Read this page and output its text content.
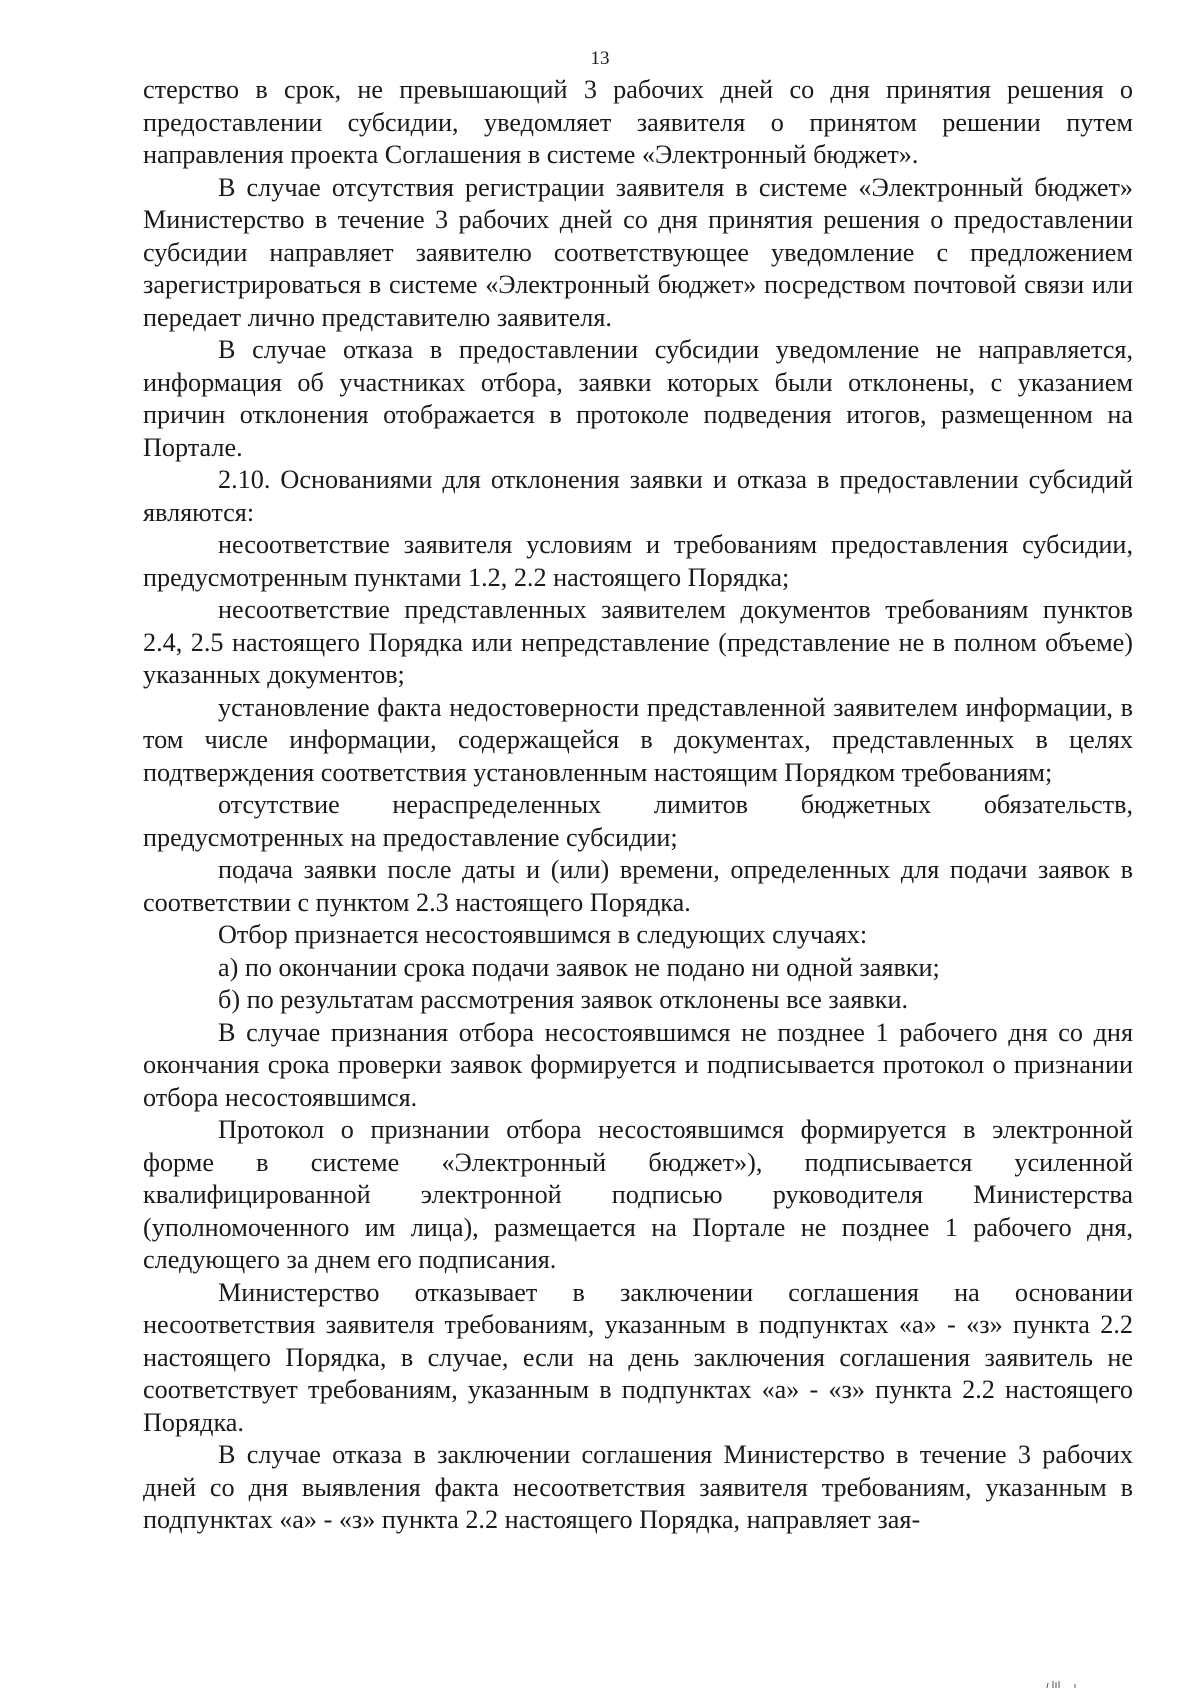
13

стерство в срок, не превышающий 3 рабочих дней со дня принятия решения о предоставлении субсидии, уведомляет заявителя о принятом решении путем направления проекта Соглашения в системе «Электронный бюджет».

В случае отсутствия регистрации заявителя в системе «Электронный бюджет» Министерство в течение 3 рабочих дней со дня принятия решения о предоставлении субсидии направляет заявителю соответствующее уведомление с предложением зарегистрироваться в системе «Электронный бюджет» посредством почтовой связи или передает лично представителю заявителя.

В случае отказа в предоставлении субсидии уведомление не направляется, информация об участниках отбора, заявки которых были отклонены, с указанием причин отклонения отображается в протоколе подведения итогов, размещенном на Портале.

2.10. Основаниями для отклонения заявки и отказа в предоставлении субсидий являются:

несоответствие заявителя условиям и требованиям предоставления субсидии, предусмотренным пунктами 1.2, 2.2 настоящего Порядка;

несоответствие представленных заявителем документов требованиям пунктов 2.4, 2.5 настоящего Порядка или непредставление (представление не в полном объеме) указанных документов;

установление факта недостоверности представленной заявителем информации, в том числе информации, содержащейся в документах, представленных в целях подтверждения соответствия установленным настоящим Порядком требованиям;

отсутствие нераспределенных лимитов бюджетных обязательств, предусмотренных на предоставление субсидии;

подача заявки после даты и (или) времени, определенных для подачи заявок в соответствии с пунктом 2.3 настоящего Порядка.

Отбор признается несостоявшимся в следующих случаях:

а) по окончании срока подачи заявок не подано ни одной заявки;

б) по результатам рассмотрения заявок отклонены все заявки.

В случае признания отбора несостоявшимся не позднее 1 рабочего дня со дня окончания срока проверки заявок формируется и подписывается протокол о признании отбора несостоявшимся.

Протокол о признании отбора несостоявшимся формируется в электронной форме в системе «Электронный бюджет»), подписывается усиленной квалифицированной электронной подписью руководителя Министерства (уполномоченного им лица), размещается на Портале не позднее 1 рабочего дня, следующего за днем его подписания.

Министерство отказывает в заключении соглашения на основании несоответствия заявителя требованиям, указанным в подпунктах «а» - «з» пункта 2.2 настоящего Порядка, в случае, если на день заключения соглашения заявитель не соответствует требованиям, указанным в подпунктах «а» - «з» пункта 2.2 настоящего Порядка.

В случае отказа в заключении соглашения Министерство в течение 3 рабочих дней со дня выявления факта несоответствия заявителя требованиям, указанным в подпунктах «а» - «з» пункта 2.2 настоящего Порядка, направляет зая-
